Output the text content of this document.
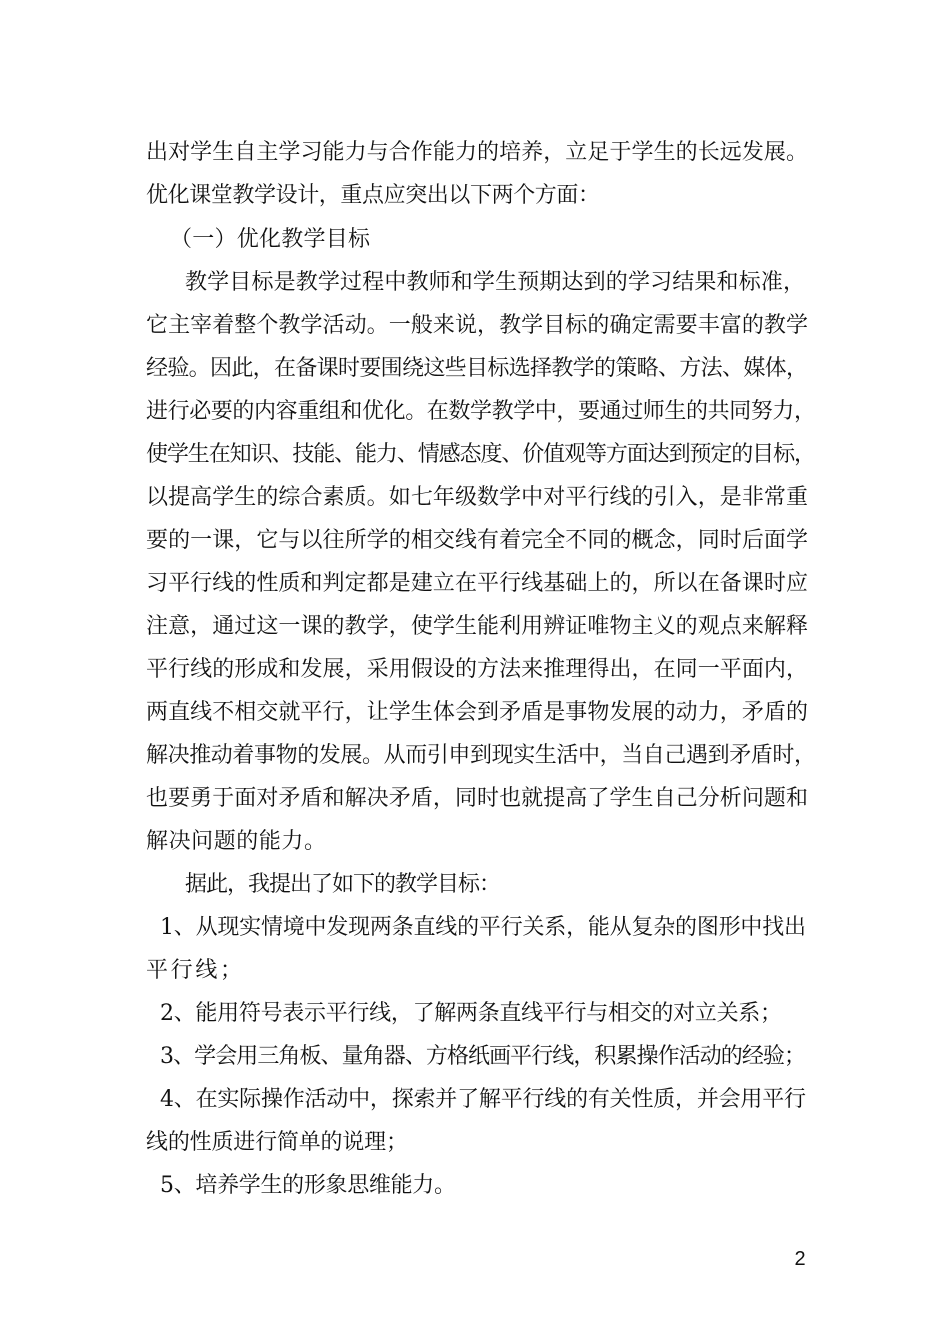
出对学生自主学习能力与合作能力的培养，立足于学生的长远发展。
优化课堂教学设计，重点应突出以下两个方面：
（一）优化教学目标
教学目标是教学过程中教师和学生预期达到的学习结果和标准，
它主宰着整个教学活动。一般来说，教学目标的确定需要丰富的教学
经验。因此，在备课时要围绕这些目标选择教学的策略、方法、媒体，
进行必要的内容重组和优化。在数学教学中，要通过师生的共同努力，
使学生在知识、技能、能力、情感态度、价值观等方面达到预定的目标，
以提高学生的综合素质。如七年级数学中对平行线的引入，是非常重
要的一课，它与以往所学的相交线有着完全不同的概念，同时后面学
习平行线的性质和判定都是建立在平行线基础上的，所以在备课时应
注意，通过这一课的教学，使学生能利用辨证唯物主义的观点来解释
平行线的形成和发展，采用假设的方法来推理得出，在同一平面内，
两直线不相交就平行，让学生体会到矛盾是事物发展的动力，矛盾的
解决推动着事物的发展。从而引申到现实生活中，当自己遇到矛盾时，
也要勇于面对矛盾和解决矛盾，同时也就提高了学生自己分析问题和
解决问题的能力。
据此，我提出了如下的教学目标：
1、从现实情境中发现两条直线的平行关系，能从复杂的图形中找出
平行线；
2、能用符号表示平行线，了解两条直线平行与相交的对立关系；
3、学会用三角板、量角器、方格纸画平行线，积累操作活动的经验；
4、在实际操作活动中，探索并了解平行线的有关性质，并会用平行
线的性质进行简单的说理；
5、培养学生的形象思维能力。
2
